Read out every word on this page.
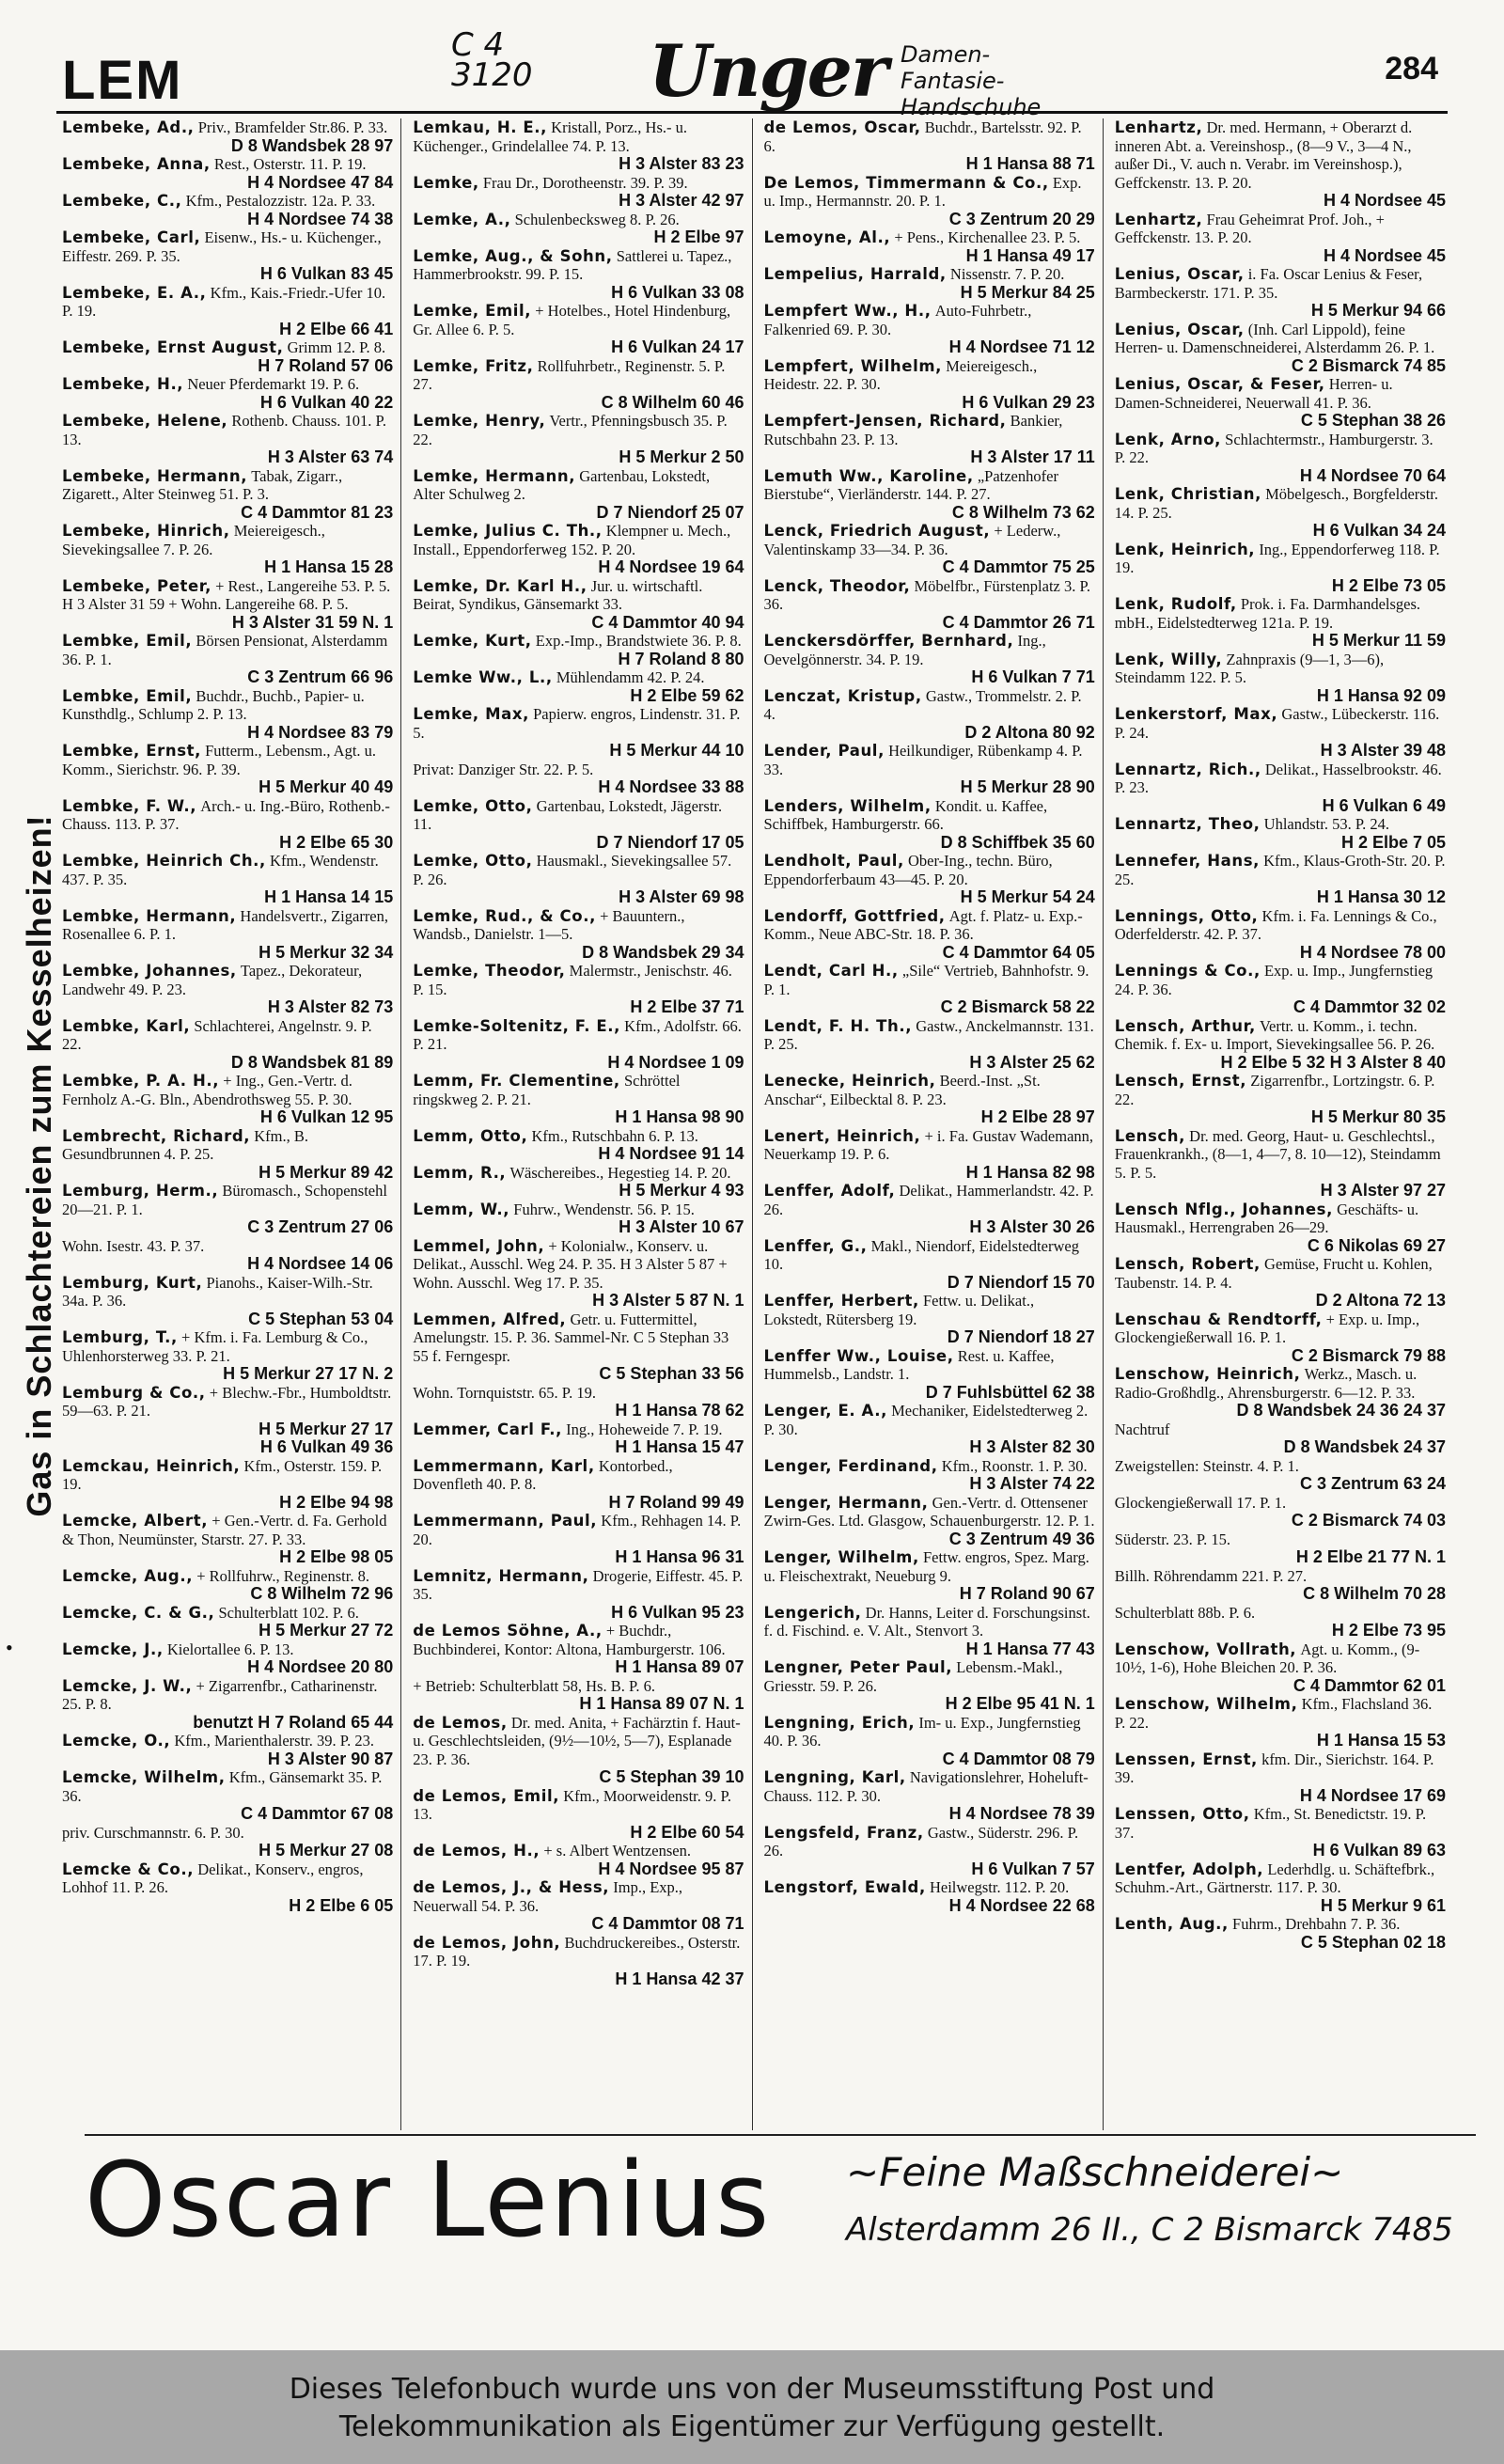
LEM
C 4
3120 Unger Damen-Fantasie-
Handschuhe
284
Gas in Schlachtereien zum Kesselheizen!
•

Lembeke, Ad., Priv., Bramfelder Str.86. P. 33.
D 8 Wandsbek 28 97

Lembeke, Anna, Rest., Osterstr. 11. P. 19.
H 4 Nordsee 47 84

Lembeke, C., Kfm., Pestalozzistr. 12a. P. 33.
H 4 Nordsee 74 38

Lembeke, Carl, Eisenw., Hs.- u. Küchenger., Eiffestr. 269. P. 35.
H 6 Vulkan 83 45

Lembeke, E. A., Kfm., Kais.-Friedr.-Ufer 10. P. 19.
H 2 Elbe 66 41

Lembeke, Ernst August, Grimm 12. P. 8.
H 7 Roland 57 06

Lembeke, H., Neuer Pferdemarkt 19. P. 6.
H 6 Vulkan 40 22

Lembeke, Helene, Rothenb. Chauss. 101. P. 13.
H 3 Alster 63 74

Lembeke, Hermann, Tabak, Zigarr., Zigarett., Alter Steinweg 51. P. 3.
C 4 Dammtor 81 23

Lembeke, Hinrich, Meiereigesch., Sievekingsallee 7. P. 26.
H 1 Hansa 15 28

Lembeke, Peter, + Rest., Langereihe 53. P. 5. H 3 Alster 31 59 + Wohn. Langereihe 68. P. 5.
H 3 Alster 31 59 N. 1

Lembke, Emil, Börsen Pensionat, Alsterdamm 36. P. 1.
C 3 Zentrum 66 96

Lembke, Emil, Buchdr., Buchb., Papier- u. Kunsthdlg., Schlump 2. P. 13.
H 4 Nordsee 83 79

Lembke, Ernst, Futterm., Lebensm., Agt. u. Komm., Sierichstr. 96. P. 39.
H 5 Merkur 40 49

Lembke, F. W., Arch.- u. Ing.-Büro, Rothenb.-Chauss. 113. P. 37.
H 2 Elbe 65 30

Lembke, Heinrich Ch., Kfm., Wendenstr. 437. P. 35.
H 1 Hansa 14 15

Lembke, Hermann, Handelsvertr., Zigarren, Rosenallee 6. P. 1.
H 5 Merkur 32 34

Lembke, Johannes, Tapez., Dekorateur, Landwehr 49. P. 23.
H 3 Alster 82 73

Lembke, Karl, Schlachterei, Angelnstr. 9. P. 22.
D 8 Wandsbek 81 89

Lembke, P. A. H., + Ing., Gen.-Vertr. d. Fernholz A.-G. Bln., Abendrothsweg 55. P. 30.
H 6 Vulkan 12 95

Lembrecht, Richard, Kfm., B. Gesundbrunnen 4. P. 25.
H 5 Merkur 89 42

Lemburg, Herm., Büromasch., Schopenstehl 20—21. P. 1.
C 3 Zentrum 27 06

Wohn. Isestr. 43. P. 37.
H 4 Nordsee 14 06

Lemburg, Kurt, Pianohs., Kaiser-Wilh.-Str. 34a. P. 36.
C 5 Stephan 53 04

Lemburg, T., + Kfm. i. Fa. Lemburg & Co., Uhlenhorsterweg 33. P. 21.
H 5 Merkur 27 17 N. 2

Lemburg & Co., + Blechw.-Fbr., Humboldtstr. 59—63. P. 21.
H 5 Merkur 27 17

H 6 Vulkan 49 36

Lemckau, Heinrich, Kfm., Osterstr. 159. P. 19.
H 2 Elbe 94 98

Lemcke, Albert, + Gen.-Vertr. d. Fa. Gerhold & Thon, Neumünster, Starstr. 27. P. 33.
H 2 Elbe 98 05

Lemcke, Aug., + Rollfuhrw., Reginenstr. 8.
C 8 Wilhelm 72 96

Lemcke, C. & G., Schulterblatt 102. P. 6.
H 5 Merkur 27 72

Lemcke, J., Kielortallee 6. P. 13.
H 4 Nordsee 20 80

Lemcke, J. W., + Zigarrenfbr., Catharinenstr. 25. P. 8.
benutzt H 7 Roland 65 44

Lemcke, O., Kfm., Marienthalerstr. 39. P. 23.
H 3 Alster 90 87

Lemcke, Wilhelm, Kfm., Gänsemarkt 35. P. 36.
C 4 Dammtor 67 08

priv. Curschmannstr. 6. P. 30.
H 5 Merkur 27 08

Lemcke & Co., Delikat., Konserv., engros, Lohhof 11. P. 26.
H 2 Elbe 6 05

Lemkau, H. E., Kristall, Porz., Hs.- u. Küchenger., Grindelallee 74. P. 13.
H 3 Alster 83 23

Lemke, Frau Dr., Dorotheenstr. 39. P. 39.
H 3 Alster 42 97

Lemke, A., Schulenbecksweg 8. P. 26.
H 2 Elbe 97

Lemke, Aug., & Sohn, Sattlerei u. Tapez., Hammerbrookstr. 99. P. 15.
H 6 Vulkan 33 08

Lemke, Emil, + Hotelbes., Hotel Hindenburg, Gr. Allee 6. P. 5.
H 6 Vulkan 24 17

Lemke, Fritz, Rollfuhrbetr., Reginenstr. 5. P. 27.
C 8 Wilhelm 60 46

Lemke, Henry, Vertr., Pfenningsbusch 35. P. 22.
H 5 Merkur 2 50

Lemke, Hermann, Gartenbau, Lokstedt, Alter Schulweg 2.
D 7 Niendorf 25 07

Lemke, Julius C. Th., Klempner u. Mech., Install., Eppendorferweg 152. P. 20.
H 4 Nordsee 19 64

Lemke, Dr. Karl H., Jur. u. wirtschaftl. Beirat, Syndikus, Gänsemarkt 33.
C 4 Dammtor 40 94

Lemke, Kurt, Exp.-Imp., Brandstwiete 36. P. 8.
H 7 Roland 8 80

Lemke Ww., L., Mühlendamm 42. P. 24.
H 2 Elbe 59 62

Lemke, Max, Papierw. engros, Lindenstr. 31. P. 5.
H 5 Merkur 44 10

Privat: Danziger Str. 22. P. 5.
H 4 Nordsee 33 88

Lemke, Otto, Gartenbau, Lokstedt, Jägerstr. 11.
D 7 Niendorf 17 05

Lemke, Otto, Hausmakl., Sievekingsallee 57. P. 26.
H 3 Alster 69 98

Lemke, Rud., & Co., + Bauuntern., Wandsb., Danielstr. 1—5.
D 8 Wandsbek 29 34

Lemke, Theodor, Malermstr., Jenischstr. 46. P. 15.
H 2 Elbe 37 71

Lemke-Soltenitz, F. E., Kfm., Adolfstr. 66. P. 21.
H 4 Nordsee 1 09

Lemm, Fr. Clementine, Schröttel ringskweg 2. P. 21.
H 1 Hansa 98 90

Lemm, Otto, Kfm., Rutschbahn 6. P. 13.
H 4 Nordsee 91 14

Lemm, R., Wäschereibes., Hegestieg 14. P. 20.
H 5 Merkur 4 93

Lemm, W., Fuhrw., Wendenstr. 56. P. 15.
H 3 Alster 10 67

Lemmel, John, + Kolonialw., Konserv. u. Delikat., Ausschl. Weg 24. P. 35. H 3 Alster 5 87 + Wohn. Ausschl. Weg 17. P. 35.
H 3 Alster 5 87 N. 1

Lemmen, Alfred, Getr. u. Futtermittel, Amelungstr. 15. P. 36. Sammel-Nr. C 5 Stephan 33 55 f. Ferngespr.
C 5 Stephan 33 56

Wohn. Tornquiststr. 65. P. 19.
H 1 Hansa 78 62

Lemmer, Carl F., Ing., Hoheweide 7. P. 19.
H 1 Hansa 15 47

Lemmermann, Karl, Kontorbed., Dovenfleth 40. P. 8.
H 7 Roland 99 49

Lemmermann, Paul, Kfm., Rehhagen 14. P. 20.
H 1 Hansa 96 31

Lemnitz, Hermann, Drogerie, Eiffestr. 45. P. 35.
H 6 Vulkan 95 23

de Lemos Söhne, A., + Buchdr., Buchbinderei, Kontor: Altona, Hamburgerstr. 106.
H 1 Hansa 89 07

+ Betrieb: Schulterblatt 58, Hs. B. P. 6.
H 1 Hansa 89 07 N. 1

de Lemos, Dr. med. Anita, + Fachärztin f. Haut- u. Geschlechtsleiden, (9½—10½, 5—7), Esplanade 23. P. 36.
C 5 Stephan 39 10

de Lemos, Emil, Kfm., Moorweidenstr. 9. P. 13.
H 2 Elbe 60 54

de Lemos, H., + s. Albert Wentzensen.
H 4 Nordsee 95 87

de Lemos, J., & Hess, Imp., Exp., Neuerwall 54. P. 36.
C 4 Dammtor 08 71

de Lemos, John, Buchdruckereibes., Osterstr. 17. P. 19.
H 1 Hansa 42 37

de Lemos, Oscar, Buchdr., Bartelsstr. 92. P. 6.
H 1 Hansa 88 71

De Lemos, Timmermann & Co., Exp. u. Imp., Hermannstr. 20. P. 1.
C 3 Zentrum 20 29

Lemoyne, Al., + Pens., Kirchenallee 23. P. 5.
H 1 Hansa 49 17

Lempelius, Harrald, Nissenstr. 7. P. 20.
H 5 Merkur 84 25

Lempfert Ww., H., Auto-Fuhrbetr., Falkenried 69. P. 30.
H 4 Nordsee 71 12

Lempfert, Wilhelm, Meiereigesch., Heidestr. 22. P. 30.
H 6 Vulkan 29 23

Lempfert-Jensen, Richard, Bankier, Rutschbahn 23. P. 13.
H 3 Alster 17 11

Lemuth Ww., Karoline, „Patzenhofer Bierstube“, Vierländerstr. 144. P. 27.
C 8 Wilhelm 73 62

Lenck, Friedrich August, + Lederw., Valentinskamp 33—34. P. 36.
C 4 Dammtor 75 25

Lenck, Theodor, Möbelfbr., Fürstenplatz 3. P. 36.
C 4 Dammtor 26 71

Lenckersdörffer, Bernhard, Ing., Oevelgönnerstr. 34. P. 19.
H 6 Vulkan 7 71

Lenczat, Kristup, Gastw., Trommelstr. 2. P. 4.
D 2 Altona 80 92

Lender, Paul, Heilkundiger, Rübenkamp 4. P. 33.
H 5 Merkur 28 90

Lenders, Wilhelm, Kondit. u. Kaffee, Schiffbek, Hamburgerstr. 66.
D 8 Schiffbek 35 60

Lendholt, Paul, Ober-Ing., techn. Büro, Eppendorferbaum 43—45. P. 20.
H 5 Merkur 54 24

Lendorff, Gottfried, Agt. f. Platz- u. Exp.-Komm., Neue ABC-Str. 18. P. 36.
C 4 Dammtor 64 05

Lendt, Carl H., „Sile“ Vertrieb, Bahnhofstr. 9. P. 1.
C 2 Bismarck 58 22

Lendt, F. H. Th., Gastw., Anckelmannstr. 131. P. 25.
H 3 Alster 25 62

Lenecke, Heinrich, Beerd.-Inst. „St. Anschar“, Eilbecktal 8. P. 23.
H 2 Elbe 28 97

Lenert, Heinrich, + i. Fa. Gustav Wademann, Neuerkamp 19. P. 6.
H 1 Hansa 82 98

Lenffer, Adolf, Delikat., Hammerlandstr. 42. P. 26.
H 3 Alster 30 26

Lenffer, G., Makl., Niendorf, Eidelstedterweg 10.
D 7 Niendorf 15 70

Lenffer, Herbert, Fettw. u. Delikat., Lokstedt, Rütersberg 19.
D 7 Niendorf 18 27

Lenffer Ww., Louise, Rest. u. Kaffee, Hummelsb., Landstr. 1.
D 7 Fuhlsbüttel 62 38

Lenger, E. A., Mechaniker, Eidelstedterweg 2. P. 30.
H 3 Alster 82 30

Lenger, Ferdinand, Kfm., Roonstr. 1. P. 30.
H 3 Alster 74 22

Lenger, Hermann, Gen.-Vertr. d. Ottensener Zwirn-Ges. Ltd. Glasgow, Schauenburgerstr. 12. P. 1.
C 3 Zentrum 49 36

Lenger, Wilhelm, Fettw. engros, Spez. Marg. u. Fleischextrakt, Neueburg 9.
H 7 Roland 90 67

Lengerich, Dr. Hanns, Leiter d. Forschungsinst. f. d. Fischind. e. V. Alt., Stenvort 3.
H 1 Hansa 77 43

Lengner, Peter Paul, Lebensm.-Makl., Griesstr. 59. P. 26.
H 2 Elbe 95 41 N. 1

Lengning, Erich, Im- u. Exp., Jungfernstieg 40. P. 36.
C 4 Dammtor 08 79

Lengning, Karl, Navigationslehrer, Hoheluft-Chauss. 112. P. 30.
H 4 Nordsee 78 39

Lengsfeld, Franz, Gastw., Süderstr. 296. P. 26.
H 6 Vulkan 7 57

Lengstorf, Ewald, Heilwegstr. 112. P. 20.
H 4 Nordsee 22 68

Lenhartz, Dr. med. Hermann, + Oberarzt d. inneren Abt. a. Vereinshosp., (8—9 V., 3—4 N., außer Di., V. auch n. Verabr. im Vereinshosp.), Geffckenstr. 13. P. 20.
H 4 Nordsee 45

Lenhartz, Frau Geheimrat Prof. Joh., + Geffckenstr. 13. P. 20.
H 4 Nordsee 45

Lenius, Oscar, i. Fa. Oscar Lenius & Feser, Barmbeckerstr. 171. P. 35.
H 5 Merkur 94 66

Lenius, Oscar, (Inh. Carl Lippold), feine Herren- u. Damenschneiderei, Alsterdamm 26. P. 1.
C 2 Bismarck 74 85

Lenius, Oscar, & Feser, Herren- u. Damen-Schneiderei, Neuerwall 41. P. 36.
C 5 Stephan 38 26

Lenk, Arno, Schlachtermstr., Hamburgerstr. 3. P. 22.
H 4 Nordsee 70 64

Lenk, Christian, Möbelgesch., Borgfelderstr. 14. P. 25.
H 6 Vulkan 34 24

Lenk, Heinrich, Ing., Eppendorferweg 118. P. 19.
H 2 Elbe 73 05

Lenk, Rudolf, Prok. i. Fa. Darmhandelsges. mbH., Eidelstedterweg 121a. P. 19.
H 5 Merkur 11 59

Lenk, Willy, Zahnpraxis (9—1, 3—6), Steindamm 122. P. 5.
H 1 Hansa 92 09

Lenkerstorf, Max, Gastw., Lübeckerstr. 116. P. 24.
H 3 Alster 39 48

Lennartz, Rich., Delikat., Hasselbrookstr. 46. P. 23.
H 6 Vulkan 6 49

Lennartz, Theo, Uhlandstr. 53. P. 24.
H 2 Elbe 7 05

Lennefer, Hans, Kfm., Klaus-Groth-Str. 20. P. 25.
H 1 Hansa 30 12

Lennings, Otto, Kfm. i. Fa. Lennings & Co., Oderfelderstr. 42. P. 37.
H 4 Nordsee 78 00

Lennings & Co., Exp. u. Imp., Jungfernstieg 24. P. 36.
C 4 Dammtor 32 02

Lensch, Arthur, Vertr. u. Komm., i. techn. Chemik. f. Ex- u. Import, Sievekingsallee 56. P. 26.
H 2 Elbe 5 32 H 3 Alster 8 40

Lensch, Ernst, Zigarrenfbr., Lortzingstr. 6. P. 22.
H 5 Merkur 80 35

Lensch, Dr. med. Georg, Haut- u. Geschlechtsl., Frauenkrankh., (8—1, 4—7, 8. 10—12), Steindamm 5. P. 5.
H 3 Alster 97 27

Lensch Nflg., Johannes, Geschäfts- u. Hausmakl., Herrengraben 26—29.
C 6 Nikolas 69 27

Lensch, Robert, Gemüse, Frucht u. Kohlen, Taubenstr. 14. P. 4.
D 2 Altona 72 13

Lenschau & Rendtorff, + Exp. u. Imp., Glockengießerwall 16. P. 1.
C 2 Bismarck 79 88

Lenschow, Heinrich, Werkz., Masch. u. Radio-Großhdlg., Ahrensburgerstr. 6—12. P. 33.
D 8 Wandsbek 24 36 24 37

Nachtruf
D 8 Wandsbek 24 37

Zweigstellen: Steinstr. 4. P. 1.
C 3 Zentrum 63 24

Glockengießerwall 17. P. 1.
C 2 Bismarck 74 03

Süderstr. 23. P. 15.
H 2 Elbe 21 77 N. 1

Billh. Röhrendamm 221. P. 27.
C 8 Wilhelm 70 28

Schulterblatt 88b. P. 6.
H 2 Elbe 73 95

Lenschow, Vollrath, Agt. u. Komm., (9-10½, 1-6), Hohe Bleichen 20. P. 36.
C 4 Dammtor 62 01

Lenschow, Wilhelm, Kfm., Flachsland 36. P. 22.
H 1 Hansa 15 53

Lenssen, Ernst, kfm. Dir., Sierichstr. 164. P. 39.
H 4 Nordsee 17 69

Lenssen, Otto, Kfm., St. Benedictstr. 19. P. 37.
H 6 Vulkan 89 63

Lentfer, Adolph, Lederhdlg. u. Schäftefbrk., Schuhm.-Art., Gärtnerstr. 117. P. 30.
H 5 Merkur 9 61

Lenth, Aug., Fuhrm., Drehbahn 7. P. 36.
C 5 Stephan 02 18

Oscar Lenius ~Feine Maßschneiderei~
Alsterdamm 26 II., C 2 Bismarck 7485
Dieses Telefonbuch wurde uns von der Museumsstiftung Post und
Telekommunikation als Eigentümer zur Verfügung gestellt.
